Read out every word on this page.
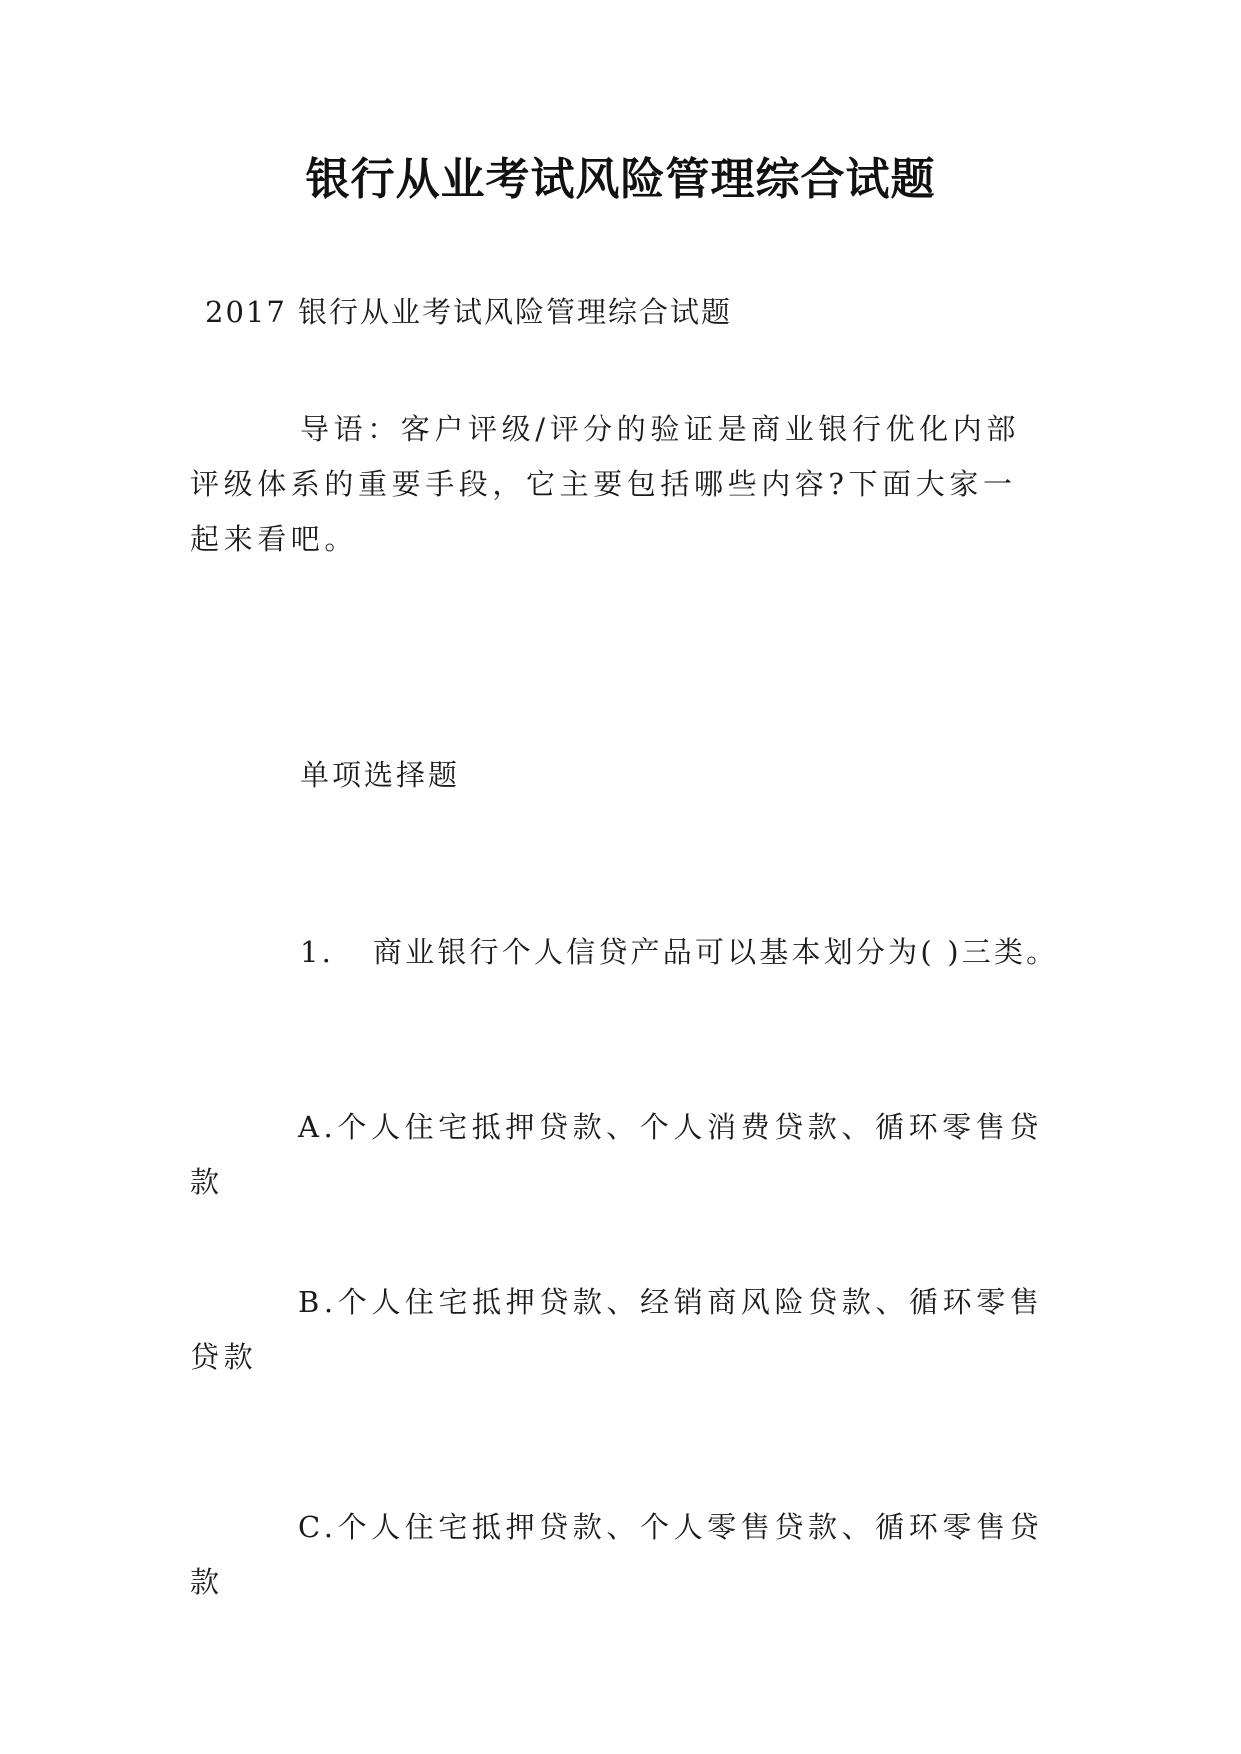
银行从业考试风险管理综合试题
2017 银行从业考试风险管理综合试题
导语：客户评级/评分的验证是商业银行优化内部评级体系的重要手段，它主要包括哪些内容?下面大家一起来看吧。
单项选择题
1. 商业银行个人信贷产品可以基本划分为( )三类。
A.个人住宅抵押贷款、个人消费贷款、循环零售贷款
B.个人住宅抵押贷款、经销商风险贷款、循环零售贷款
C.个人住宅抵押贷款、个人零售贷款、循环零售贷款
